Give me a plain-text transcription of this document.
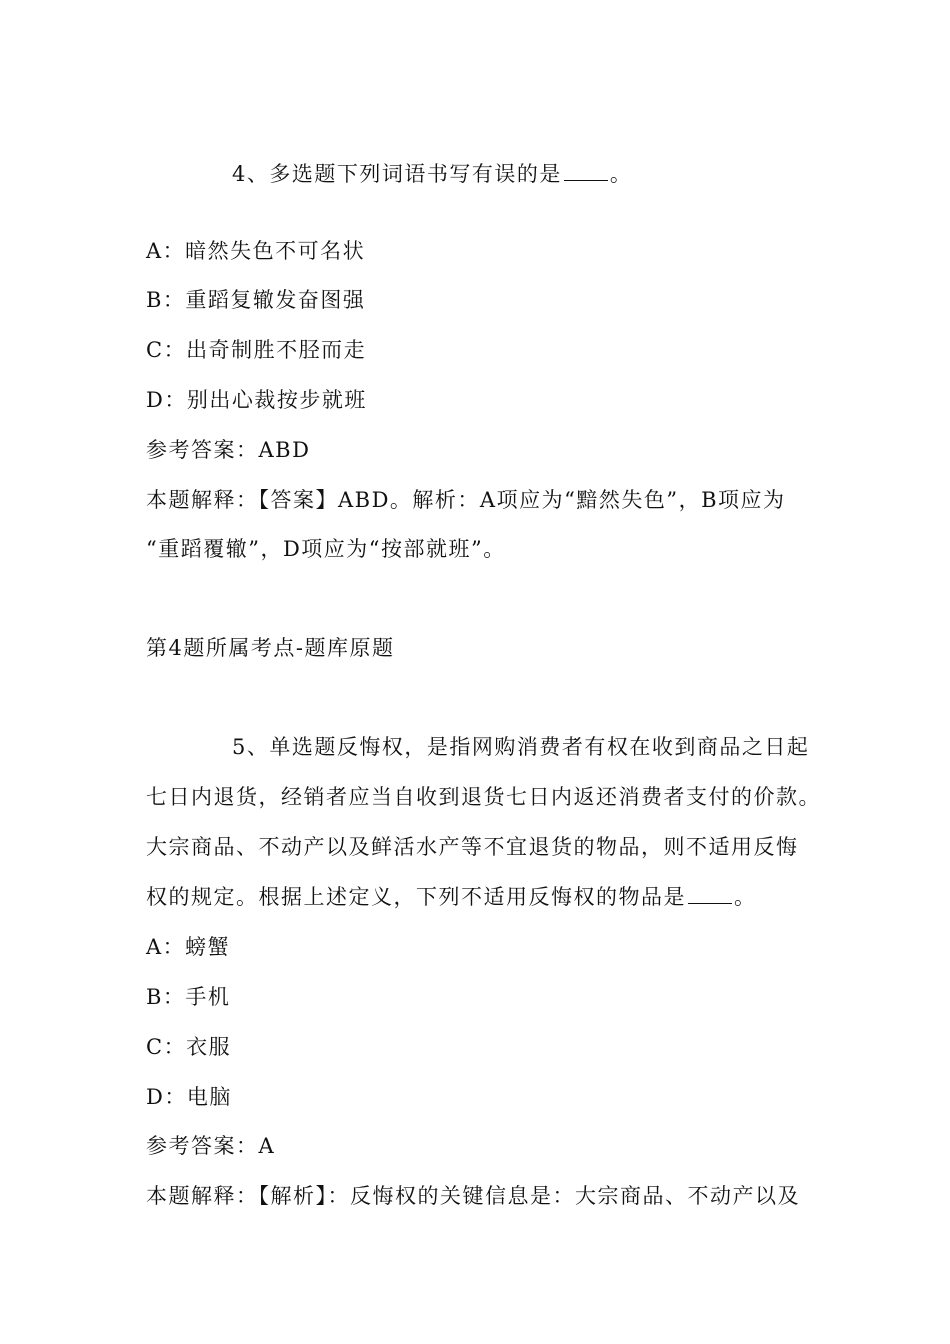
4、多选题下列词语书写有误的是 。
A：暗然失色不可名状
B：重蹈复辙发奋图强
C：出奇制胜不胫而走
D：别出心裁按步就班
参考答案：ABD
本题解释：【答案】ABD。解析：A项应为“黯然失色”，B项应为
“重蹈覆辙”，D项应为“按部就班”。
第4题所属考点-题库原题
5、单选题反悔权，是指网购消费者有权在收到商品之日起
七日内退货，经销者应当自收到退货七日内返还消费者支付的价款。
大宗商品、不动产以及鲜活水产等不宜退货的物品，则不适用反悔
权的规定。根据上述定义，下列不适用反悔权的物品是 。
A：螃蟹
B：手机
C：衣服
D：电脑
参考答案：A
本题解释：【解析】：反悔权的关键信息是：大宗商品、不动产以及
